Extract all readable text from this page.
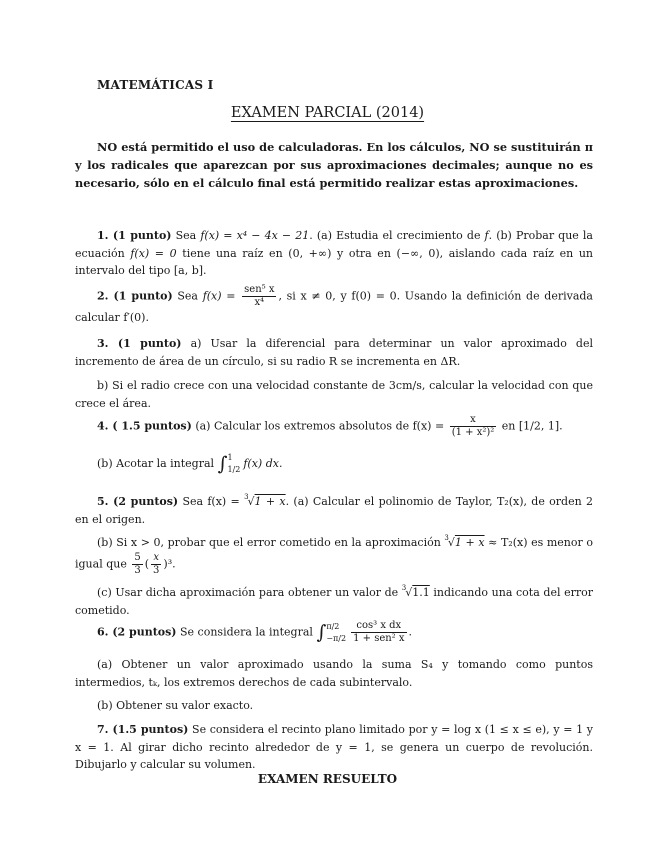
MATEMÁTICAS I
EXAMEN PARCIAL (2014)
NO está permitido el uso de calculadoras. En los cálculos, NO se sustituirán π y los radicales que aparezcan por sus aproximaciones decimales; aunque no es necesario, sólo en el cálculo final está permitido realizar estas aproximaciones.
1. (1 punto) Sea f(x) = x⁴ − 4x − 21. (a) Estudia el crecimiento de f. (b) Probar que la ecuación f(x) = 0 tiene una raíz en (0, +∞) y otra en (−∞, 0), aislando cada raíz en un intervalo del tipo [a, b].
2. (1 punto) Sea $f(x) = \frac{\text{sen⁵ x}}{\text{x⁴}}$ , si x ≠ 0, y f(0) = 0. Usando la definición de derivada calcular f′(0).
3. (1 punto) a) Usar la diferencial para determinar un valor aproximado del incremento de área de un círculo, si su radio R se incrementa en ΔR.
b) Si el radio crece con una velocidad constante de 3cm/s, calcular la velocidad con que crece el área.
4. ( 1.5 puntos) (a) Calcular los extremos absolutos de $f(x) = \frac{x}{\text{(1 + x²)²}}$ en [1/2, 1].
(b) Acotar la integral ∫ 1
1/2 f(x) dx.
5. (2 puntos) Sea f(x) = $^3$√1 + x. (a) Calcular el polinomio de Taylor, T₂(x), de orden 2 en el origen.
(b) Si x > 0, probar que el error cometido en la aproximación $^3$√1 + x ≈ T₂(x) es menor o igual que $\frac{5}{3}$ ( $\frac{x}{3} )^3$.
(c) Usar dicha aproximación para obtener un valor de $^3$√1.1 indicando una cota del error cometido.
6. (2 puntos) Se considera la integral ∫ π/2
$-\pi/2 \frac{\text{cos³ x dx}}{\text{1 + sen² x}}$ .
(a) Obtener un valor aproximado usando la suma S₄ y tomando como puntos intermedios, tₖ, los extremos derechos de cada subintervalo.
(b) Obtener su valor exacto.
7. (1.5 puntos) Se considera el recinto plano limitado por y = log x (1 ≤ x ≤ e), y = 1 y x = 1. Al girar dicho recinto alrededor de y = 1, se genera un cuerpo de revolución. Dibujarlo y calcular su volumen.
EXAMEN RESUELTO
